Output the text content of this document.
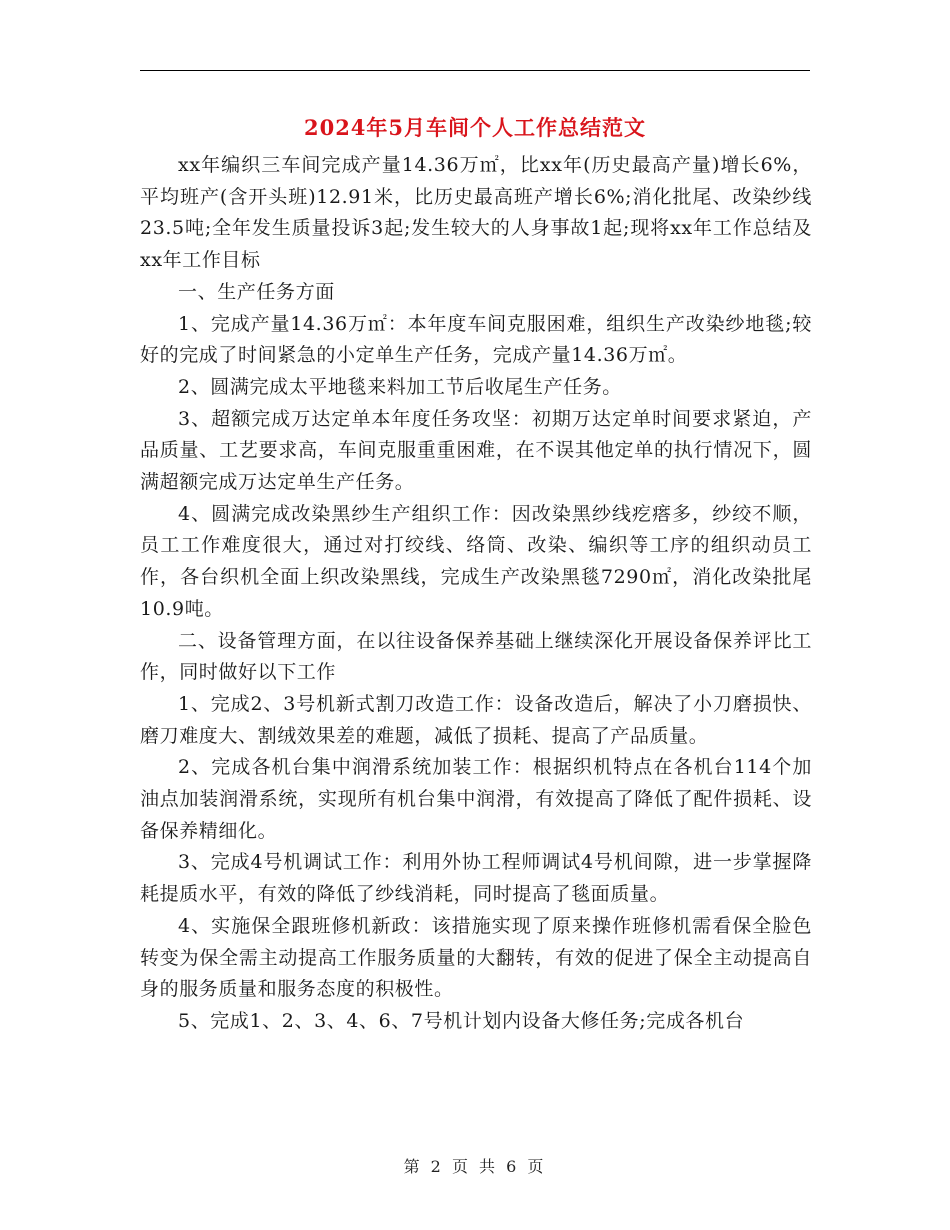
2024年5月车间个人工作总结范文

xx年编织三车间完成产量14.36万㎡，比xx年(历史最高产量)增长6%，平均班产(含开头班)12.91米，比历史最高班产增长6%;消化批尾、改染纱线23.5吨;全年发生质量投诉3起;发生较大的人身事故1起;现将xx年工作总结及xx年工作目标

一、生产任务方面

1、完成产量14.36万㎡：本年度车间克服困难，组织生产改染纱地毯;较好的完成了时间紧急的小定单生产任务，完成产量14.36万㎡。

2、圆满完成太平地毯来料加工节后收尾生产任务。

3、超额完成万达定单本年度任务攻坚：初期万达定单时间要求紧迫，产品质量、工艺要求高，车间克服重重困难，在不误其他定单的执行情况下，圆满超额完成万达定单生产任务。

4、圆满完成改染黑纱生产组织工作：因改染黑纱线疙瘩多，纱绞不顺，员工工作难度很大，通过对打绞线、络筒、改染、编织等工序的组织动员工作，各台织机全面上织改染黑线，完成生产改染黑毯7290㎡，消化改染批尾10.9吨。

二、设备管理方面，在以往设备保养基础上继续深化开展设备保养评比工作，同时做好以下工作

1、完成2、3号机新式割刀改造工作：设备改造后，解决了小刀磨损快、磨刀难度大、割绒效果差的难题，减低了损耗、提高了产品质量。

2、完成各机台集中润滑系统加装工作：根据织机特点在各机台114个加油点加装润滑系统，实现所有机台集中润滑，有效提高了降低了配件损耗、设备保养精细化。

3、完成4号机调试工作：利用外协工程师调试4号机间隙，进一步掌握降耗提质水平，有效的降低了纱线消耗，同时提高了毯面质量。

4、实施保全跟班修机新政：该措施实现了原来操作班修机需看保全脸色转变为保全需主动提高工作服务质量的大翻转，有效的促进了保全主动提高自身的服务质量和服务态度的积极性。

5、完成1、2、3、4、6、7号机计划内设备大修任务;完成各机台

第 2 页 共 6 页
